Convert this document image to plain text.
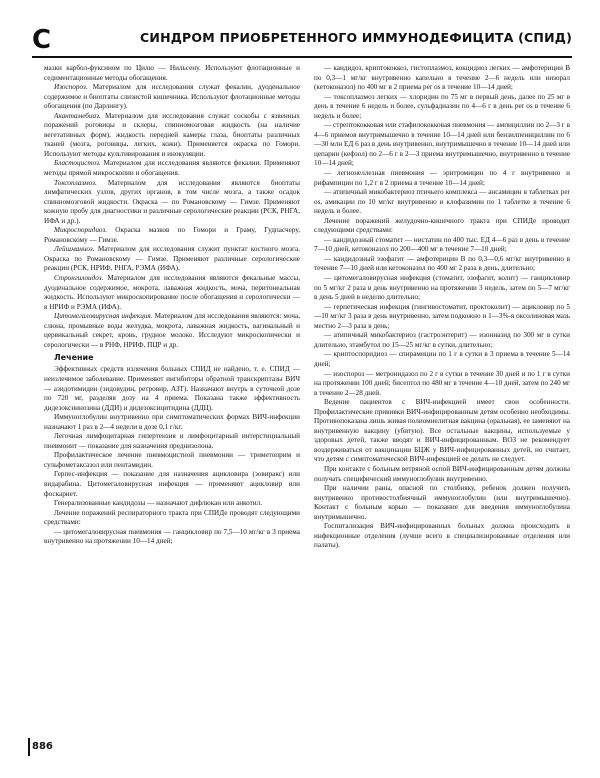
С	СИНДРОМ ПРИОБРЕТЕННОГО ИММУНОДЕФИЦИТА (СПИД)

мазки карбол-фуксином по Цилю — Нильсену. Используют флотационные и седиментационные методы обогащения.

Изоспороз. Материалом для исследования служат фекалии, дуоденальное содержимое и биоптаты слизистой кишечника. Используют флотационные методы обогащения (по Дарлингу).

Акантамебиаз. Материалом для исследования служат соскобы с язвенных поражений роговицы и склеры, спинномозговая жидкость (на наличие вегетативных форм), жидкость передней камеры глаза, биоптаты различных тканей (мозга, роговицы, легких, кожи). Применяется окраска по Гомори. Используют методы культивирования и инокуляции.

Бластоцистоз. Материалом для исследования являются фекалии. Применяют методы прямой микроскопии и обогащения.

Токсоплазмоз. Материалом для исследования являются биоптаты лимфатических узлов, других органов, в том числе мозга, а также осадок спинномозговой жидкости. Окраска — по Романовскому — Гимзе. Применяют кожную пробу для диагностики и различные серологические реакции (РСК, РНГА, ИФА и др.).

Микроспоридиоз. Окраска мазков по Гомори и Граму, Гудпасчеру, Романовскому — Гимзе.

Лейшманиоз. Материалом для исследования служит пунктат костного мозга. Окраска по Романовскому — Гимзе. Применяют различные серологические реакции (РСК, НРИФ, РНГА, РЭМА (ИФА).

Стронгилоидоз. Материалом для исследования являются фекальные массы, дуоденальное содержимое, мокрота, лаважная жидкость, моча, перитонеальная жидкость. Используют микроскопирование после обогащения и серологически — в НРИФ и РЭМА (ИФА).

Цитомегаловирусная инфекция. Материалом для исследования являются: моча, слюна, промывные воды желудка, мокрота, лаважная жидкость, вагинальный и цервикальный секрет, кровь, грудное молоко. Исследуют микроскопически и серологически — в РНФ, НРИФ, ПЦР и др.

Лечение

Эффективных средств излечения больных СПИД не найдено, т. е. СПИД — неизлечимое заболевание. Применяют ингибиторы обратной транскриптазы ВИЧ — азидотимидин (зидовудин, ретровир, АЗТ). Назначают внутрь в суточной дозе по 720 мг, разделяя дозу на 4 приема. Показана также эффективность дидезоксиинозина (ДДИ) и дидезоксицитидина (ДДЦ).

Иммуноглобулин внутривенно при симптоматических формах ВИЧ-инфекции назначают 1 раз в 2—4 недели в дозе 0,1 г/кг.

Легочная лимфоцитарная гипертензия и лимфоцитарный интерстициальный пневмонит — показание для назначения преднизолона.

Профилактическое лечение пневмоцистной пневмонии — триметоприм и сульфометаксазол или пентамидин.

Герпес-инфекция — показание для назначения ацикловира (зовиракс) или видарабина. Цитомегаловирусная инфекция — применяют ацикловир или фоскарнет.

Генерализованные кандидозы — назначают дифлюкан или анкотил.

Лечение поражений респираторного тракта при СПИДе проводят следующими средствами:

— цитомегаловирусная пневмония — ганцикловир по 7,5—10 мг/кг в 3 приема внутривенно на протяжении 10—14 дней;

— кандидоз, криптококкоз, гистоплазмоз, кокцидиоз легких — амфотерицин В по 0,3—1 мг/кг внутривенно капельно в течение 2—6 недель или низорал (кетоконазол) по 400 мг в 2 приема per os в течение 10—14 дней;

— токсоплазмоз легких — хлоридин по 75 мг в первый день, далее по 25 мг в день в течение 6 недель и более, сульфадиазин по 4—6 г в день per os в течение 6 недель и более;

— стрептококковая или стафилококковая пневмония — ампициллин по 2—3 г в 4—6 приемов внутримышечно в течение 10—14 дней или бензилпенициллин по 6—30 млн ЕД 6 раз в день внутривенно, внутримышечно в течение 10—14 дней или цепарин (кефзол) по 2—6 г в 2—3 приема внутримышечно, внутривенно в течение 10—14 дней;

— легионеллезная пневмония — эритромицин по 4 г внутривенно и рифампицин по 1,2 г в 2 приема в течение 10—14 дней;

— атипичный микобактериоз птичьего комплекса — ансамицин в таблетках per os, амикацин по 10 мг/кг внутривенно и клофазимин по 1 таблетке в течение 6 недель и более.

Лечение поражений желудочно-кишечного тракта при СПИДе проводят следующими средствами:

— кандидозный стоматит — нистатин по 400 тыс. ЕД 4—6 раз в день в течение 7—10 дней, кетоконазол по 200—400 мг в течение 7—10 дней;

— кандидозный эзофагит — амфотерицин В по 0,3—0,6 мг/кг внутривенно в течение 7—10 дней или кетоконазол по 400 мг 2 раза в день, длительно;

— цитомегаловирусная инфекция (стоматит, эзофагит, колит) — ганцикловир по 5 мг/кг 2 раза в день внутривенно на протяжении 3 недель, затем по 5—7 мг/кг в день 5 дней в неделю длительно;

— герпетическая инфекция (гингивостоматит, проктоколит) — ацикловир по 5—10 мг/кг 3 раза в день внутривенно, затем подкожно и 1—3%-я оксолиновая мазь местно 2—3 раза в день;

— атипичный микобактериоз (гастроэнтерит) — изониазид по 300 мг в сутки длительно, этамбутол по 15—25 мг/кг в сутки, длительно;

— криптоспоридиоз — спирамицин по 1 г в сутки в 3 приема в течение 5—14 дней;

— изоспороз — метронидазол по 2 г в сутки в течение 30 дней и по 1 г в сутки на протяжении 100 дней; бисептол по 480 мг в течение 4—10 дней, затем по 240 мг в течение 2—28 дней.

Ведение пациентов с ВИЧ-инфекцией имеет свои особенности. Профилактические прививки ВИЧ-инфицированным детям особенно необходимы. Противопоказана лишь живая полиомиелитная вакцина (оральная), ее заменяют на внутривенную вакцину (убитую). Все остальные вакцины, используемые у здоровых детей, также вводят и ВИЧ-инфицированным. ВОЗ не рекомендует воздерживаться от вакцинации БЦЖ у ВИЧ-инфицированных детей, но считает, что детям с симптоматической ВИЧ-инфекцией ее делать не следует.

При контакте с больным ветряной оспой ВИЧ-инфицированным детям должны получать специфический иммуноглобулин внутривенно.

При наличии раны, опасной по столбняку, ребенок должен получить внутривенно противостолбнячный иммуноглобулин (или внутримышечно). Контакт с больным корью — показание для введения иммуноглобулина внутримышечно.

Госпитализация ВИЧ-инфицированных больных должна происходить в инфекционные отделения (лучше всего в специализированные отделения или палаты).

886
